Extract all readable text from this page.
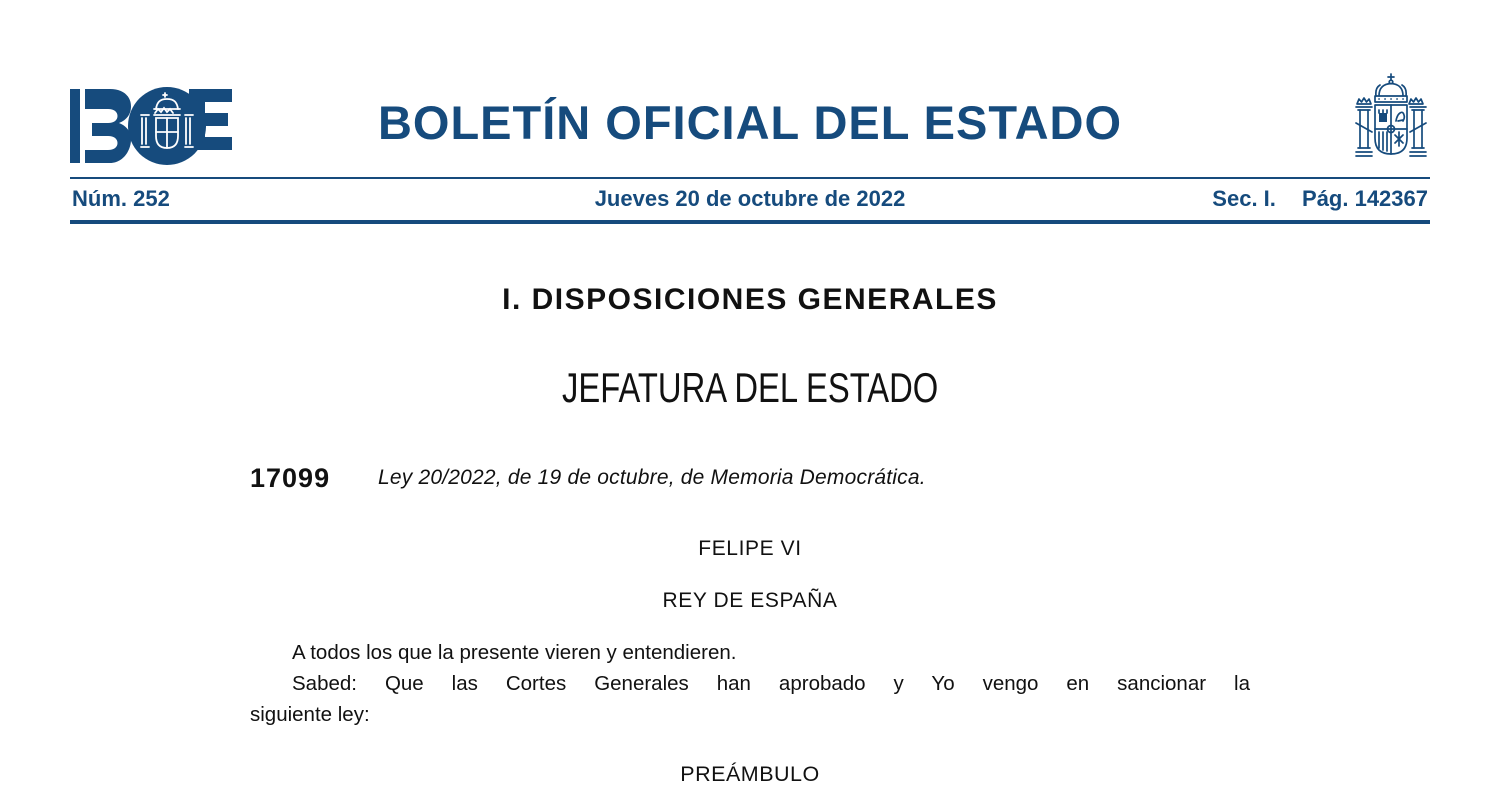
BOLETÍN OFICIAL DEL ESTADO
Núm. 252	Jueves 20 de octubre de 2022	Sec. I. Pág. 142367
I. DISPOSICIONES GENERALES
JEFATURA DEL ESTADO
17099 Ley 20/2022, de 19 de octubre, de Memoria Democrática.
FELIPE VI
REY DE ESPAÑA
A todos los que la presente vieren y entendieren.
Sabed: Que las Cortes Generales han aprobado y Yo vengo en sancionar la
siguiente ley:
PREÁMBULO
